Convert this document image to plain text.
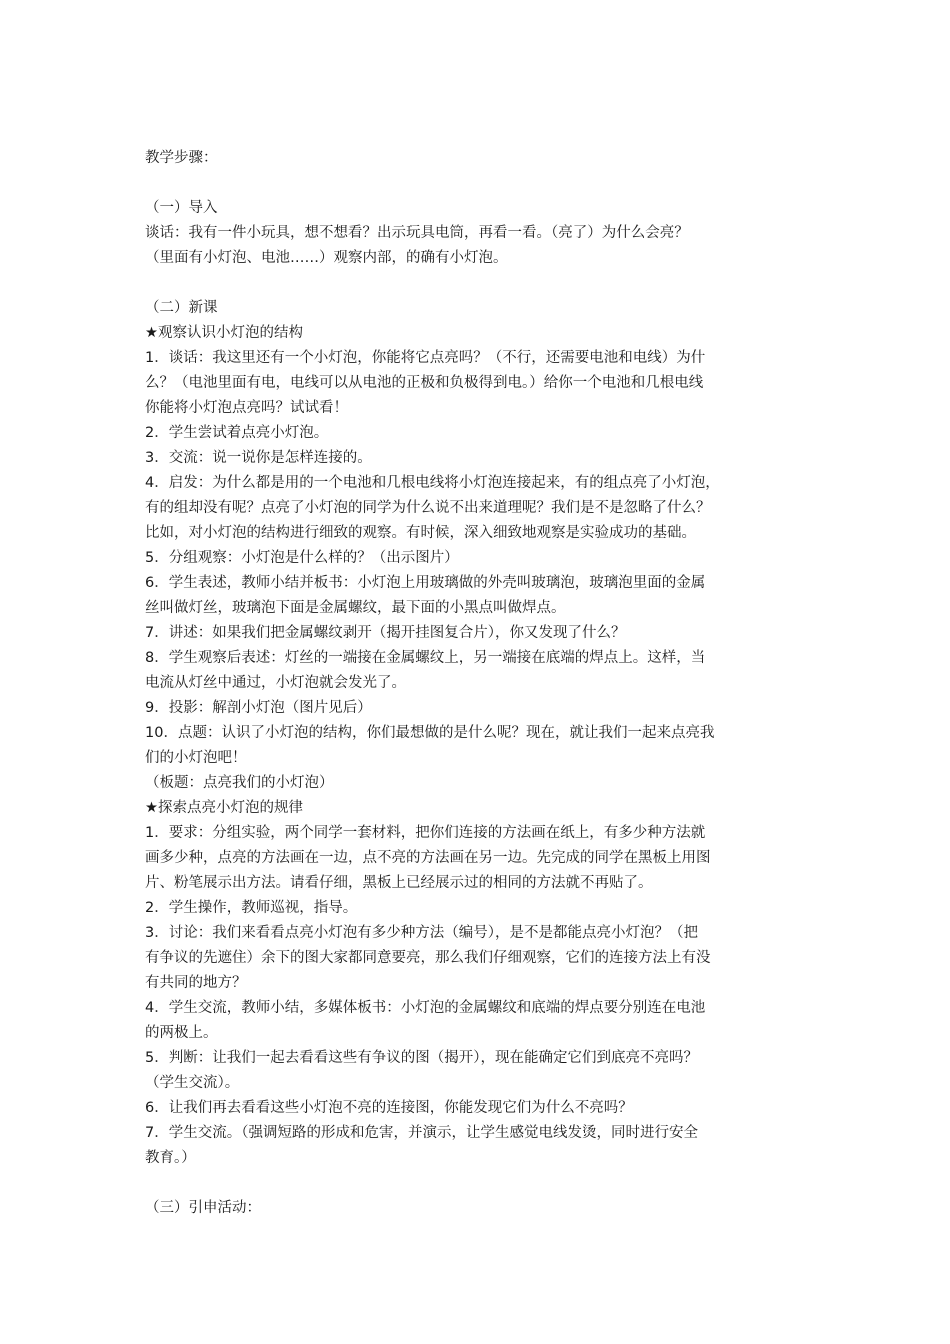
教学步骤：
（一）导入
谈话：我有一件小玩具，想不想看？出示玩具电筒，再看一看。（亮了）为什么会亮？
（里面有小灯泡、电池……）观察内部，的确有小灯泡。
（二）新课
★观察认识小灯泡的结构
1．谈话：我这里还有一个小灯泡，你能将它点亮吗？（不行，还需要电池和电线）为什
么？（电池里面有电，电线可以从电池的正极和负极得到电。）给你一个电池和几根电线
你能将小灯泡点亮吗？试试看！
2．学生尝试着点亮小灯泡。
3．交流：说一说你是怎样连接的。
4．启发：为什么都是用的一个电池和几根电线将小灯泡连接起来，有的组点亮了小灯泡，
有的组却没有呢？点亮了小灯泡的同学为什么说不出来道理呢？我们是不是忽略了什么？
比如，对小灯泡的结构进行细致的观察。有时候，深入细致地观察是实验成功的基础。
5．分组观察：小灯泡是什么样的？（出示图片）
6．学生表述，教师小结并板书：小灯泡上用玻璃做的外壳叫玻璃泡，玻璃泡里面的金属
丝叫做灯丝，玻璃泡下面是金属螺纹，最下面的小黑点叫做焊点。
7．讲述：如果我们把金属螺纹剥开（揭开挂图复合片），你又发现了什么？
8．学生观察后表述：灯丝的一端接在金属螺纹上，另一端接在底端的焊点上。这样，当
电流从灯丝中通过，小灯泡就会发光了。
9．投影：解剖小灯泡（图片见后）
10．点题：认识了小灯泡的结构，你们最想做的是什么呢？现在，就让我们一起来点亮我
们的小灯泡吧！
（板题：点亮我们的小灯泡）
★探索点亮小灯泡的规律
1．要求：分组实验，两个同学一套材料，把你们连接的方法画在纸上，有多少种方法就
画多少种，点亮的方法画在一边，点不亮的方法画在另一边。先完成的同学在黑板上用图
片、粉笔展示出方法。请看仔细，黑板上已经展示过的相同的方法就不再贴了。
2．学生操作，教师巡视，指导。
3．讨论：我们来看看点亮小灯泡有多少种方法（编号），是不是都能点亮小灯泡？（把
有争议的先遮住）余下的图大家都同意要亮，那么我们仔细观察，它们的连接方法上有没
有共同的地方？
4．学生交流，教师小结，多媒体板书：小灯泡的金属螺纹和底端的焊点要分别连在电池
的两极上。
5．判断：让我们一起去看看这些有争议的图（揭开），现在能确定它们到底亮不亮吗？
（学生交流）。
6．让我们再去看看这些小灯泡不亮的连接图，你能发现它们为什么不亮吗？
7．学生交流。（强调短路的形成和危害，并演示，让学生感觉电线发烫，同时进行安全
教育。）
（三）引申活动：
